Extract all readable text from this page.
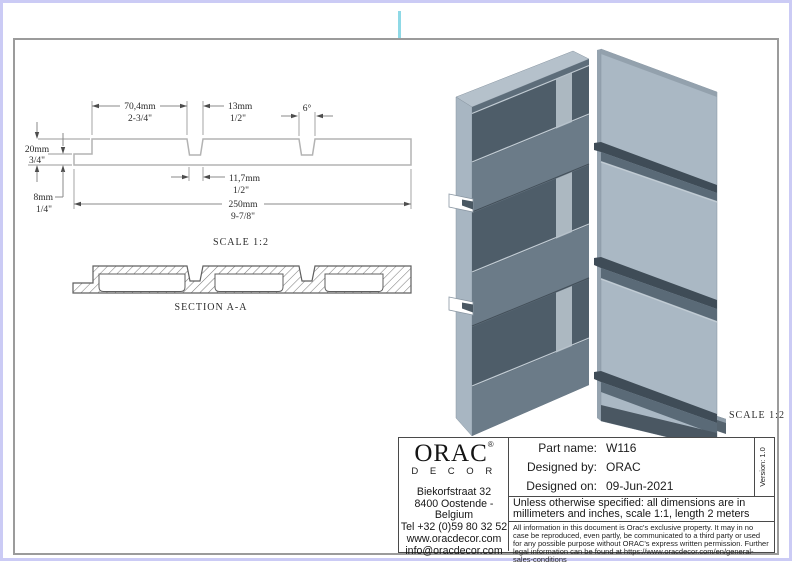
70,4mm
2-3/4"
13mm
1/2"
6°
11,7mm
1/2"
20mm
3/4"
8mm
1/4"	250mm
9-7/8"
SCALE 1:2
SECTION A-A
SCALE 1:2
ORAC®
D E C O R
Biekorfstraat 32
8400 Oostende - Belgium
Tel +32 (0)59 80 32 52
www.oracdecor.com
info@oracdecor.com
Part name: W116
Designed by: ORAC
Designed on: 09-Jun-2021	Version: 1.0
Unless otherwise specified: all dimensions are in millimeters and inches, scale 1:1, length 2 meters
All information in this document is Orac's exclusive property. It may in no case be reproduced, even partly, be communicated to a third party or used for any possible purpose without ORAC's express written permission. Further legal information can be found at https://www.oracdecor.com/en/general-sales-conditions
